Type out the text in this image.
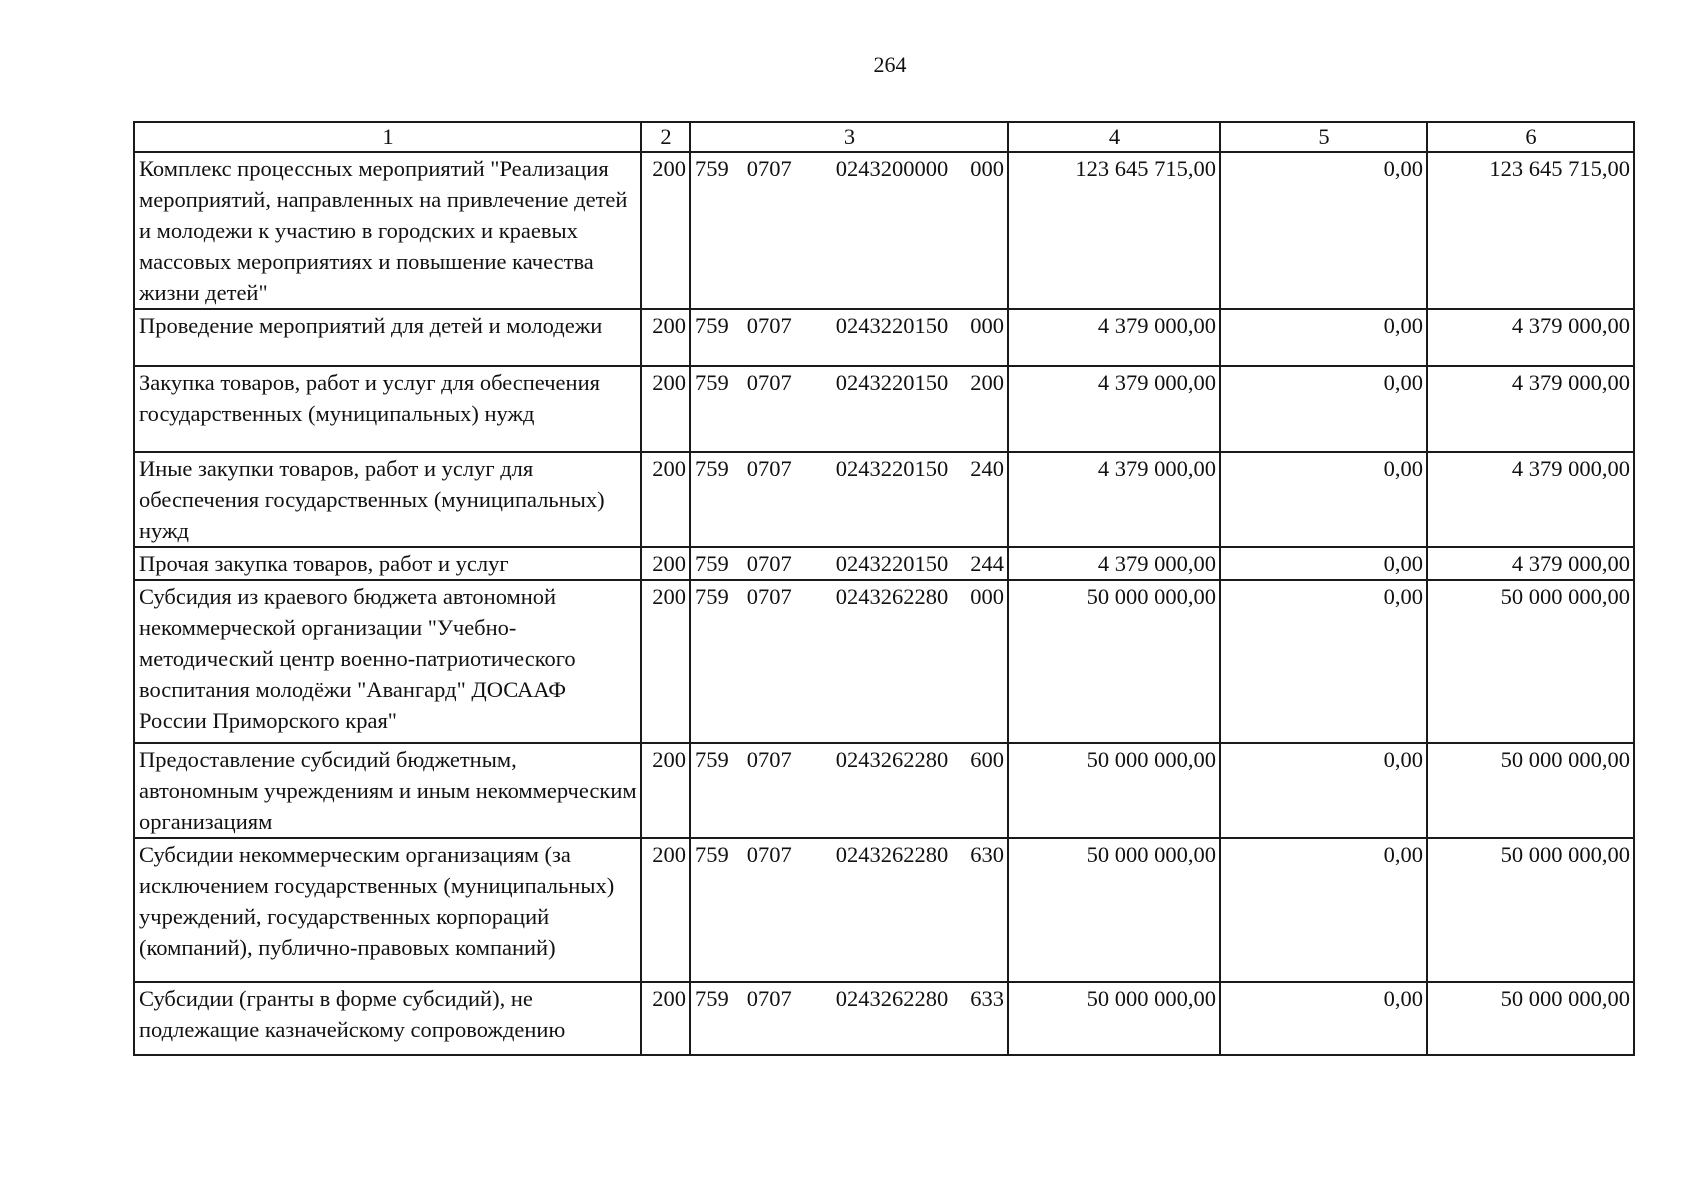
264
1	2	3	4	5	6
Комплекс процессных мероприятий "Реализация мероприятий, направленных на привлечение детей и молодежи к участию в городских и краевых массовых мероприятиях и повышение качества жизни детей"	200	759 0707 0243200000 000	123 645 715,00	0,00	123 645 715,00
Проведение мероприятий для детей и молодежи	200	759 0707 0243220150 000	4 379 000,00	0,00	4 379 000,00
Закупка товаров, работ и услуг для обеспечения государственных (муниципальных) нужд	200	759 0707 0243220150 200	4 379 000,00	0,00	4 379 000,00
Иные закупки товаров, работ и услуг для обеспечения государственных (муниципальных) нужд	200	759 0707 0243220150 240	4 379 000,00	0,00	4 379 000,00
Прочая закупка товаров, работ и услуг	200	759 0707 0243220150 244	4 379 000,00	0,00	4 379 000,00
Субсидия из краевого бюджета автономной некоммерческой организации "Учебно-методический центр военно-патриотического воспитания молодёжи "Авангард" ДОСААФ России Приморского края"	200	759 0707 0243262280 000	50 000 000,00	0,00	50 000 000,00
Предоставление субсидий бюджетным, автономным учреждениям и иным некоммерческим организациям	200	759 0707 0243262280 600	50 000 000,00	0,00	50 000 000,00
Субсидии некоммерческим организациям (за исключением государственных (муниципальных) учреждений, государственных корпораций (компаний), публично-правовых компаний)	200	759 0707 0243262280 630	50 000 000,00	0,00	50 000 000,00
Субсидии (гранты в форме субсидий), не подлежащие казначейскому сопровождению	200	759 0707 0243262280 633	50 000 000,00	0,00	50 000 000,00
